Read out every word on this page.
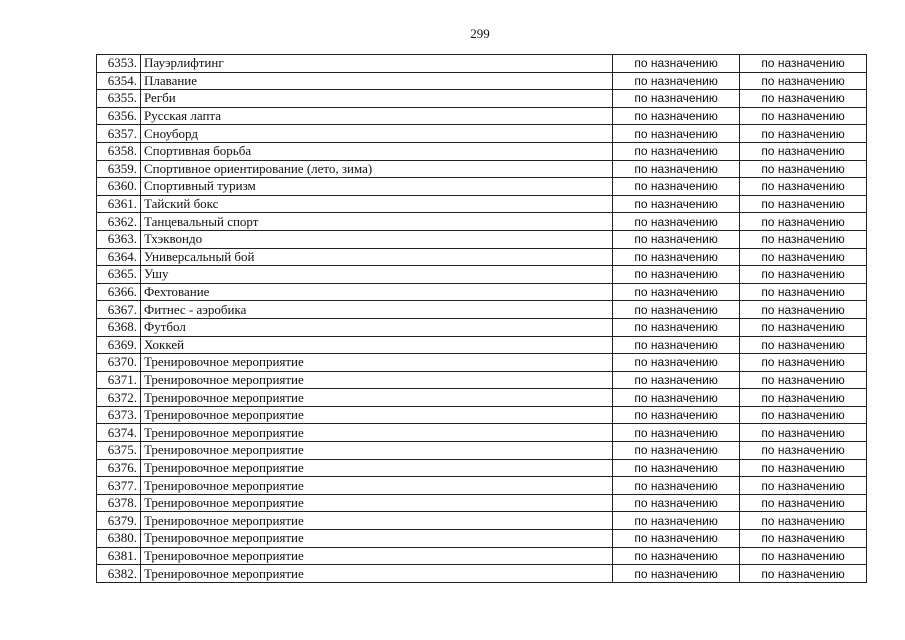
299
6353.	Пауэрлифтинг	по назначению	по назначению
6354.	Плавание	по назначению	по назначению
6355.	Регби	по назначению	по назначению
6356.	Русская лапта	по назначению	по назначению
6357.	Сноуборд	по назначению	по назначению
6358.	Спортивная борьба	по назначению	по назначению
6359.	Спортивное ориентирование (лето, зима)	по назначению	по назначению
6360.	Спортивный туризм	по назначению	по назначению
6361.	Тайский бокс	по назначению	по назначению
6362.	Танцевальный спорт	по назначению	по назначению
6363.	Тхэквондо	по назначению	по назначению
6364.	Универсальный бой	по назначению	по назначению
6365.	Ушу	по назначению	по назначению
6366.	Фехтование	по назначению	по назначению
6367.	Фитнес - аэробика	по назначению	по назначению
6368.	Футбол	по назначению	по назначению
6369.	Хоккей	по назначению	по назначению
6370.	Тренировочное мероприятие	по назначению	по назначению
6371.	Тренировочное мероприятие	по назначению	по назначению
6372.	Тренировочное мероприятие	по назначению	по назначению
6373.	Тренировочное мероприятие	по назначению	по назначению
6374.	Тренировочное мероприятие	по назначению	по назначению
6375.	Тренировочное мероприятие	по назначению	по назначению
6376.	Тренировочное мероприятие	по назначению	по назначению
6377.	Тренировочное мероприятие	по назначению	по назначению
6378.	Тренировочное мероприятие	по назначению	по назначению
6379.	Тренировочное мероприятие	по назначению	по назначению
6380.	Тренировочное мероприятие	по назначению	по назначению
6381.	Тренировочное мероприятие	по назначению	по назначению
6382.	Тренировочное мероприятие	по назначению	по назначению
